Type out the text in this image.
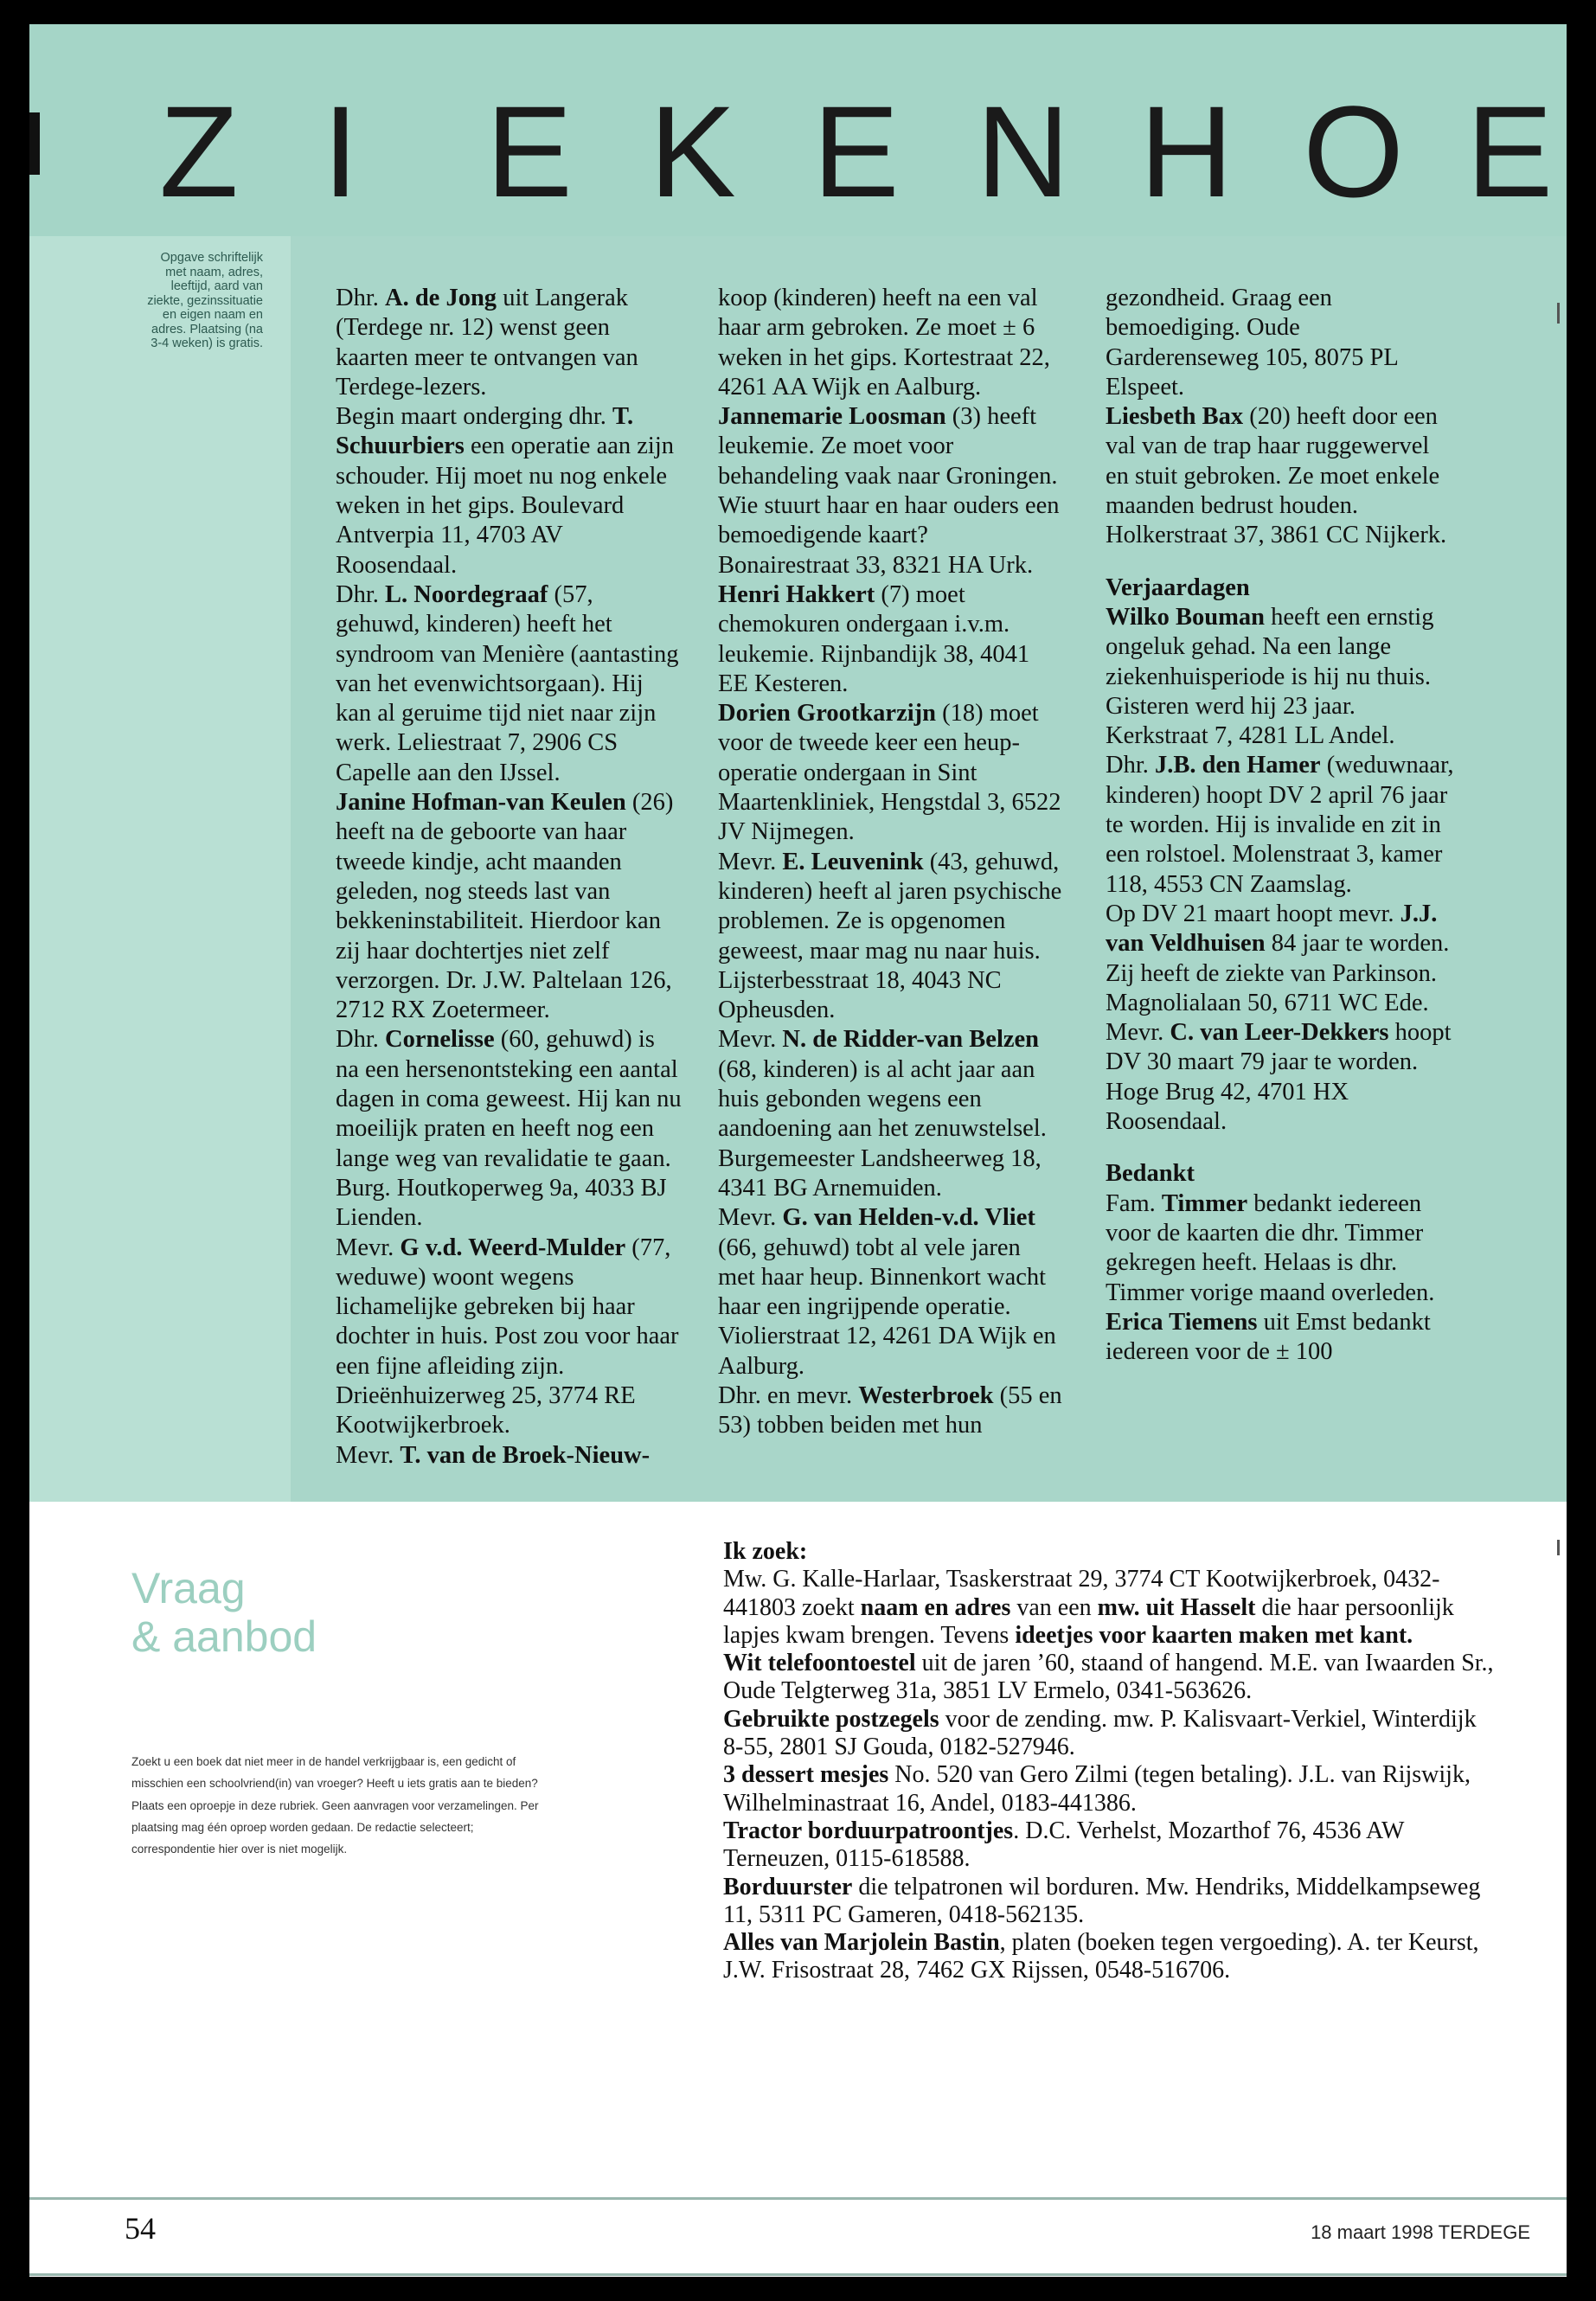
Z I E K E N H O E
Opgave schriftelijk met naam, adres, leeftijd, aard van ziekte, gezinssituatie en eigen naam en adres. Plaatsing (na 3-4 weken) is gratis.

Dhr. A. de Jong uit Langerak (Terdege nr. 12) wenst geen kaarten meer te ontvangen van Terdege-lezers.

Begin maart onderging dhr. T. Schuurbiers een operatie aan zijn schouder. Hij moet nu nog enkele weken in het gips. Boulevard Antverpia 11, 4703 AV Roosendaal.

Dhr. L. Noordegraaf (57, gehuwd, kinderen) heeft het syndroom van Menière (aantasting van het evenwichtsorgaan). Hij kan al geruime tijd niet naar zijn werk. Leliestraat 7, 2906 CS Capelle aan den IJssel.

Janine Hofman-van Keulen (26) heeft na de geboorte van haar tweede kindje, acht maanden geleden, nog steeds last van bekkeninstabiliteit. Hierdoor kan zij haar dochtertjes niet zelf verzorgen. Dr. J.W. Paltelaan 126, 2712 RX Zoetermeer.

Dhr. Cornelisse (60, gehuwd) is na een hersenontsteking een aantal dagen in coma geweest. Hij kan nu moeilijk praten en heeft nog een lange weg van revalidatie te gaan. Burg. Houtkoperweg 9a, 4033 BJ Lienden.

Mevr. G v.d. Weerd-Mulder (77, weduwe) woont wegens lichamelijke gebreken bij haar dochter in huis. Post zou voor haar een fijne afleiding zijn. Drieënhuizerweg 25, 3774 RE Kootwijkerbroek.

Mevr. T. van de Broek-Nieuw-

koop (kinderen) heeft na een val haar arm gebroken. Ze moet ± 6 weken in het gips. Kortestraat 22, 4261 AA Wijk en Aalburg.

Jannemarie Loosman (3) heeft leukemie. Ze moet voor behandeling vaak naar Groningen. Wie stuurt haar en haar ouders een bemoedigende kaart? Bonairestraat 33, 8321 HA Urk.

Henri Hakkert (7) moet chemokuren ondergaan i.v.m. leukemie. Rijnbandijk 38, 4041 EE Kesteren.

Dorien Grootkarzijn (18) moet voor de tweede keer een heup-operatie ondergaan in Sint Maartenkliniek, Hengstdal 3, 6522 JV Nijmegen.

Mevr. E. Leuvenink (43, gehuwd, kinderen) heeft al jaren psychische problemen. Ze is opgenomen geweest, maar mag nu naar huis. Lijsterbesstraat 18, 4043 NC Opheusden.

Mevr. N. de Ridder-van Belzen (68, kinderen) is al acht jaar aan huis gebonden wegens een aandoening aan het zenuwstelsel. Burgemeester Landsheerweg 18, 4341 BG Arnemuiden.

Mevr. G. van Helden-v.d. Vliet (66, gehuwd) tobt al vele jaren met haar heup. Binnenkort wacht haar een ingrijpende operatie. Violierstraat 12, 4261 DA Wijk en Aalburg.

Dhr. en mevr. Westerbroek (55 en 53) tobben beiden met hun

gezondheid. Graag een bemoediging. Oude Garderenseweg 105, 8075 PL Elspeet.

Liesbeth Bax (20) heeft door een val van de trap haar ruggewervel en stuit gebroken. Ze moet enkele maanden bedrust houden. Holkerstraat 37, 3861 CC Nijkerk.

Verjaardagen

Wilko Bouman heeft een ernstig ongeluk gehad. Na een lange ziekenhuisperiode is hij nu thuis. Gisteren werd hij 23 jaar. Kerkstraat 7, 4281 LL Andel.

Dhr. J.B. den Hamer (weduwnaar, kinderen) hoopt DV 2 april 76 jaar te worden. Hij is invalide en zit in een rolstoel. Molenstraat 3, kamer 118, 4553 CN Zaamslag.

Op DV 21 maart hoopt mevr. J.J. van Veldhuisen 84 jaar te worden. Zij heeft de ziekte van Parkinson. Magnolialaan 50, 6711 WC Ede.

Mevr. C. van Leer-Dekkers hoopt DV 30 maart 79 jaar te worden. Hoge Brug 42, 4701 HX Roosendaal.

Bedankt

Fam. Timmer bedankt iedereen voor de kaarten die dhr. Timmer gekregen heeft. Helaas is dhr. Timmer vorige maand overleden.

Erica Tiemens uit Emst bedankt iedereen voor de ± 100

Vraag
& aanbod
Zoekt u een boek dat niet meer in de handel verkrijgbaar is, een gedicht of misschien een schoolvriend(in) van vroeger? Heeft u iets gratis aan te bieden? Plaats een oproepje in deze rubriek. Geen aanvragen voor verzamelingen. Per plaatsing mag één oproep worden gedaan. De redactie selecteert; correspondentie hier over is niet mogelijk.

Ik zoek:

Mw. G. Kalle-Harlaar, Tsaskerstraat 29, 3774 CT Kootwijkerbroek, 0432-441803 zoekt naam en adres van een mw. uit Hasselt die haar persoonlijk lapjes kwam brengen. Tevens ideetjes voor kaarten maken met kant.

Wit telefoontoestel uit de jaren ’60, staand of hangend. M.E. van Iwaarden Sr., Oude Telgterweg 31a, 3851 LV Ermelo, 0341-563626.

Gebruikte postzegels voor de zending. mw. P. Kalisvaart-Verkiel, Winterdijk 8-55, 2801 SJ Gouda, 0182-527946.

3 dessert mesjes No. 520 van Gero Zilmi (tegen betaling). J.L. van Rijswijk, Wilhelminastraat 16, Andel, 0183-441386.

Tractor borduurpatroontjes. D.C. Verhelst, Mozarthof 76, 4536 AW Terneuzen, 0115-618588.

Borduurster die telpatronen wil borduren. Mw. Hendriks, Middelkampseweg 11, 5311 PC Gameren, 0418-562135.

Alles van Marjolein Bastin, platen (boeken tegen vergoeding). A. ter Keurst, J.W. Frisostraat 28, 7462 GX Rijssen, 0548-516706.

54	18 maart 1998 TERDEGE
